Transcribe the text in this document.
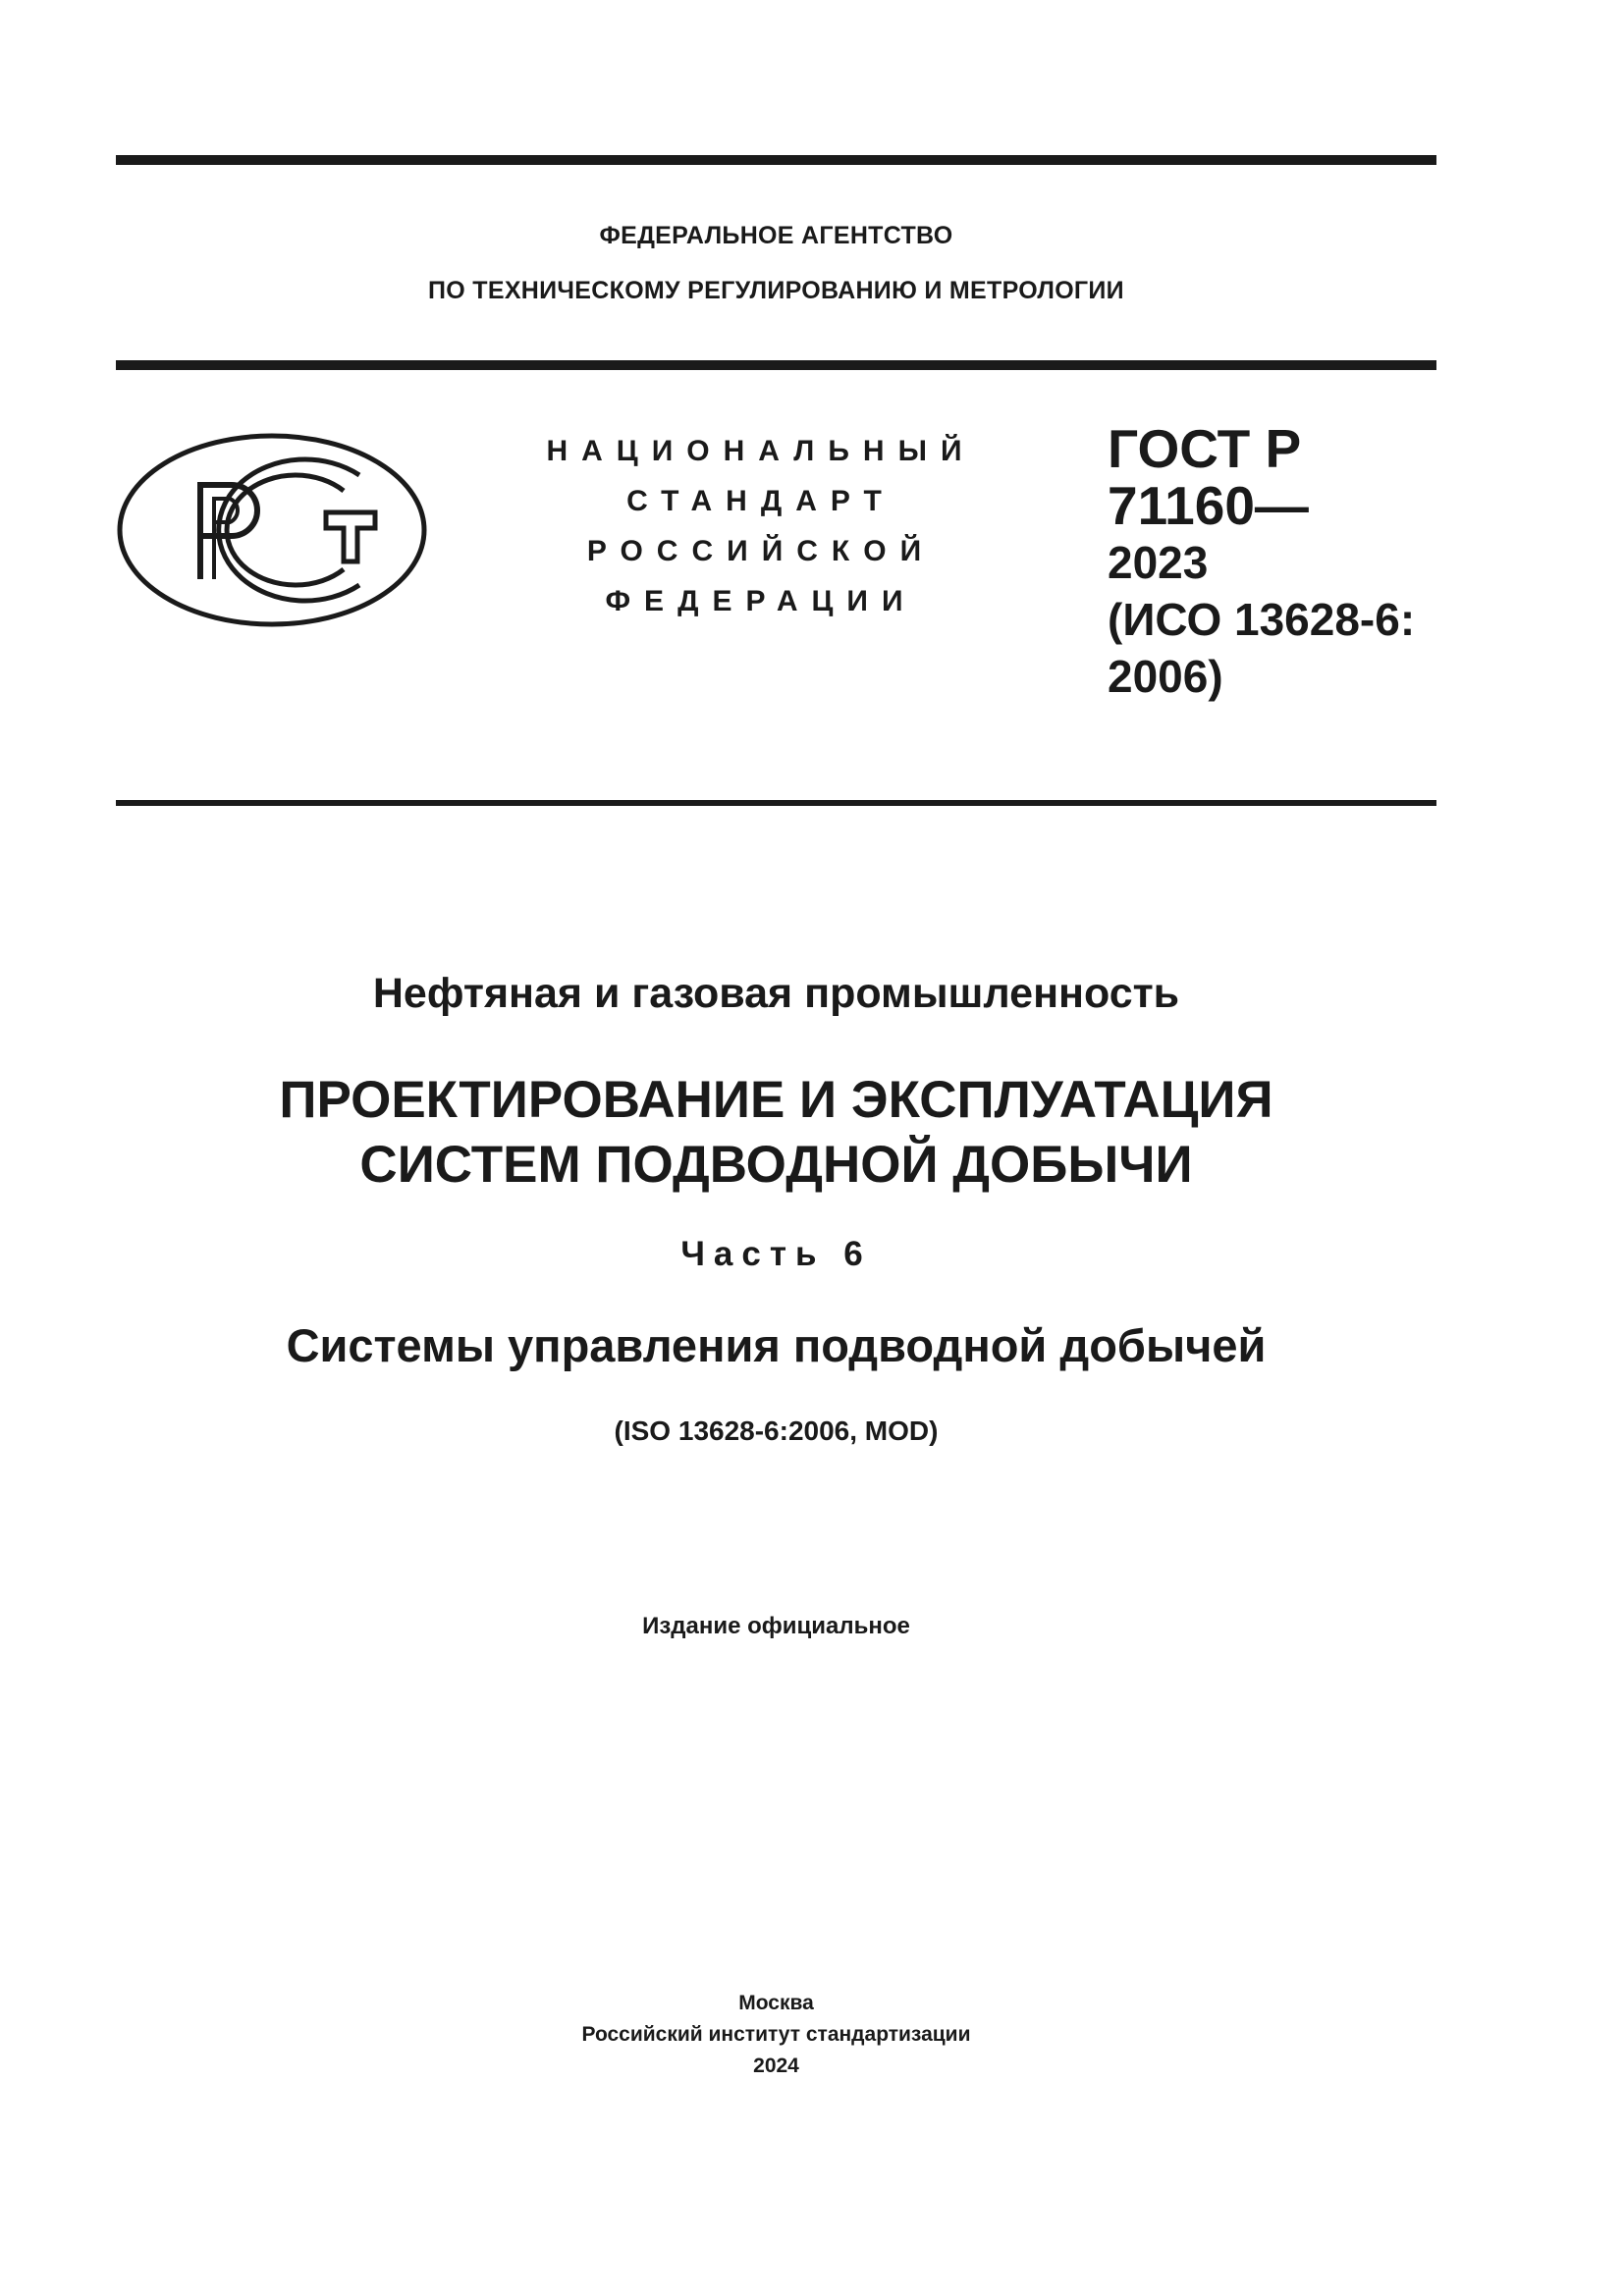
ФЕДЕРАЛЬНОЕ АГЕНТСТВО
ПО ТЕХНИЧЕСКОМУ РЕГУЛИРОВАНИЮ И МЕТРОЛОГИИ
НАЦИОНАЛЬНЫЙ
СТАНДАРТ
РОССИЙСКОЙ
ФЕДЕРАЦИИ
ГОСТ Р
71160—
2023
(ИСО 13628-6:
2006)
Нефтяная и газовая промышленность
ПРОЕКТИРОВАНИЕ И ЭКСПЛУАТАЦИЯ
СИСТЕМ ПОДВОДНОЙ ДОБЫЧИ
Часть 6
Системы управления подводной добычей
(ISO 13628-6:2006, MOD)
Издание официальное
Москва
Российский институт стандартизации
2024
